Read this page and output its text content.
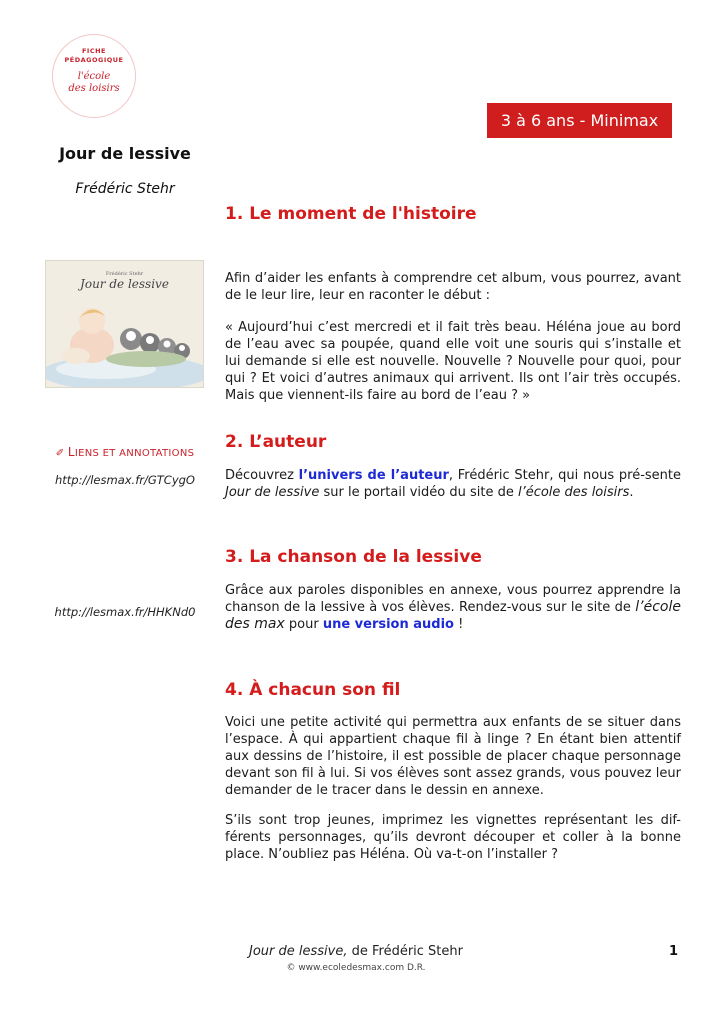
FICHE
PÉDAGOGIQUE
l'école
des loisirs
3 à 6 ans - Minimax
Jour de lessive
Frédéric Stehr
Frédéric Stehr
Jour de lessive
✐ LIENS ET ANNOTATIONS
http://lesmax.fr/GTCygO
http://lesmax.fr/HHKNd0
1. Le moment de l'histoire

Afin d’aider les enfants à comprendre cet album, vous pourrez, avant de le leur lire, leur en raconter le début :

« Aujourd’hui c’est mercredi et il fait très beau. Héléna joue au bord de l’eau avec sa poupée, quand elle voit une souris qui s’installe et lui demande si elle est nouvelle. Nouvelle ? Nouvelle pour quoi, pour qui ? Et voici d’autres animaux qui arrivent. Ils ont l’air très occupés. Mais que viennent-ils faire au bord de l’eau ? »

2. L’auteur

Découvrez l’univers de l’auteur, Frédéric Stehr, qui nous pré-sente Jour de lessive sur le portail vidéo du site de l’école des loisirs.

3. La chanson de la lessive

Grâce aux paroles disponibles en annexe, vous pourrez apprendre la chanson de la lessive à vos élèves. Rendez-vous sur le site de l’école des max pour une version audio !

4. À chacun son fil

Voici une petite activité qui permettra aux enfants de se situer dans l’espace. À qui appartient chaque fil à linge ? En étant bien attentif aux dessins de l’histoire, il est possible de placer chaque personnage devant son fil à lui. Si vos élèves sont assez grands, vous pouvez leur demander de le tracer dans le dessin en annexe.

S’ils sont trop jeunes, imprimez les vignettes représentant les dif-férents personnages, qu’ils devront découper et coller à la bonne place. N’oubliez pas Héléna. Où va-t-on l’installer ?

Jour de lessive, de Frédéric Stehr
© www.ecoledesmax.com D.R.
1
